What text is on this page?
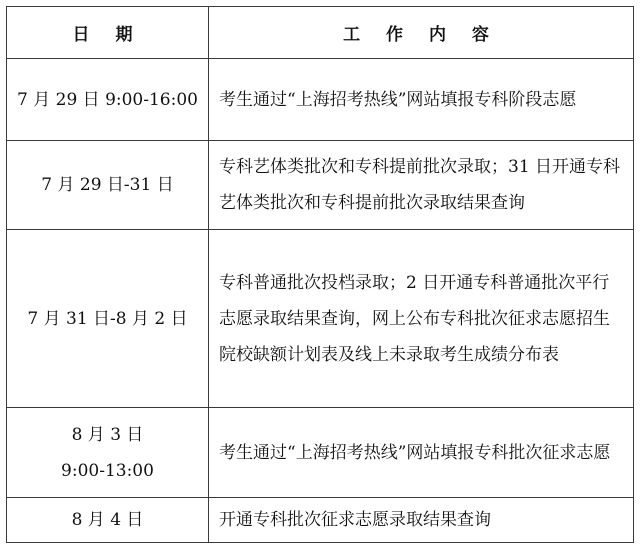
日 期	工 作 内 容

7 月 29 日 9:00-16:00	考生通过“上海招考热线”网站填报专科阶段志愿

7 月 29 日-31 日	专科艺体类批次和专科提前批次录取；31 日开通专科艺体类批次和专科提前批次录取结果查询

7 月 31 日-8 月 2 日	专科普通批次投档录取；2 日开通专科普通批次平行志愿录取结果查询，网上公布专科批次征求志愿招生院校缺额计划表及线上未录取考生成绩分布表

8 月 3 日
9:00-13:00	考生通过“上海招考热线”网站填报专科批次征求志愿

8 月 4 日	开通专科批次征求志愿录取结果查询
